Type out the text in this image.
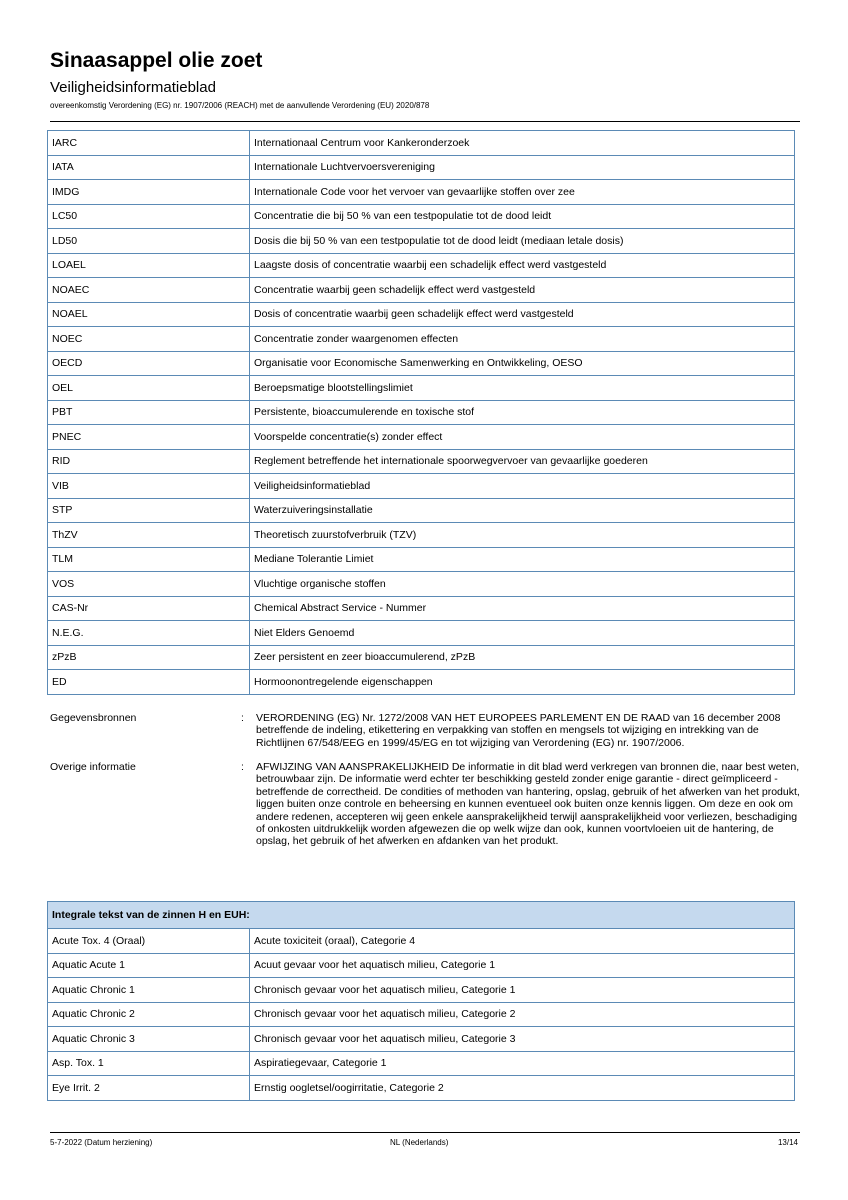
Sinaasappel olie zoet
Veiligheidsinformatieblad
overeenkomstig Verordening (EG) nr. 1907/2006 (REACH) met de aanvullende Verordening (EU) 2020/878
IARC	Internationaal Centrum voor Kankeronderzoek
IATA	Internationale Luchtvervoersvereniging
IMDG	Internationale Code voor het vervoer van gevaarlijke stoffen over zee
LC50	Concentratie die bij 50 % van een testpopulatie tot de dood leidt
LD50	Dosis die bij 50 % van een testpopulatie tot de dood leidt (mediaan letale dosis)
LOAEL	Laagste dosis of concentratie waarbij een schadelijk effect werd vastgesteld
NOAEC	Concentratie waarbij geen schadelijk effect werd vastgesteld
NOAEL	Dosis of concentratie waarbij geen schadelijk effect werd vastgesteld
NOEC	Concentratie zonder waargenomen effecten
OECD	Organisatie voor Economische Samenwerking en Ontwikkeling, OESO
OEL	Beroepsmatige blootstellingslimiet
PBT	Persistente, bioaccumulerende en toxische stof
PNEC	Voorspelde concentratie(s) zonder effect
RID	Reglement betreffende het internationale spoorwegvervoer van gevaarlijke goederen
VIB	Veiligheidsinformatieblad
STP	Waterzuiveringsinstallatie
ThZV	Theoretisch zuurstofverbruik (TZV)
TLM	Mediane Tolerantie Limiet
VOS	Vluchtige organische stoffen
CAS-Nr	Chemical Abstract Service - Nummer
N.E.G.	Niet Elders Genoemd
zPzB	Zeer persistent en zeer bioaccumulerend, zPzB
ED	Hormoonontregelende eigenschappen
Gegevensbronnen	: VERORDENING (EG) Nr. 1272/2008 VAN HET EUROPEES PARLEMENT EN DE RAAD van 16 december 2008 betreffende de indeling, etikettering en verpakking van stoffen en mengsels tot wijziging en intrekking van de Richtlijnen 67/548/EEG en 1999/45/EG en tot wijziging van Verordening (EG) nr. 1907/2006.
Overige informatie	: AFWIJZING VAN AANSPRAKELIJKHEID De informatie in dit blad werd verkregen van bronnen die, naar best weten, betrouwbaar zijn. De informatie werd echter ter beschikking gesteld zonder enige garantie - direct geïmpliceerd - betreffende de correctheid. De condities of methoden van hantering, opslag, gebruik of het afwerken van het produkt, liggen buiten onze controle en beheersing en kunnen eventueel ook buiten onze kennis liggen. Om deze en ook om andere redenen, accepteren wij geen enkele aansprakelijkheid terwijl aansprakelijkheid voor verliezen, beschadiging of onkosten uitdrukkelijk worden afgewezen die op welk wijze dan ook, kunnen voortvloeien uit de hantering, de opslag, het gebruik of het afwerken en afdanken van het produkt.
Integrale tekst van de zinnen H en EUH:	
Acute Tox. 4 (Oraal)	Acute toxiciteit (oraal), Categorie 4
Aquatic Acute 1	Acuut gevaar voor het aquatisch milieu, Categorie 1
Aquatic Chronic 1	Chronisch gevaar voor het aquatisch milieu, Categorie 1
Aquatic Chronic 2	Chronisch gevaar voor het aquatisch milieu, Categorie 2
Aquatic Chronic 3	Chronisch gevaar voor het aquatisch milieu, Categorie 3
Asp. Tox. 1	Aspiratiegevaar, Categorie 1
Eye Irrit. 2	Ernstig oogletsel/oogirritatie, Categorie 2
5-7-2022 (Datum herziening)	NL (Nederlands)	13/14
